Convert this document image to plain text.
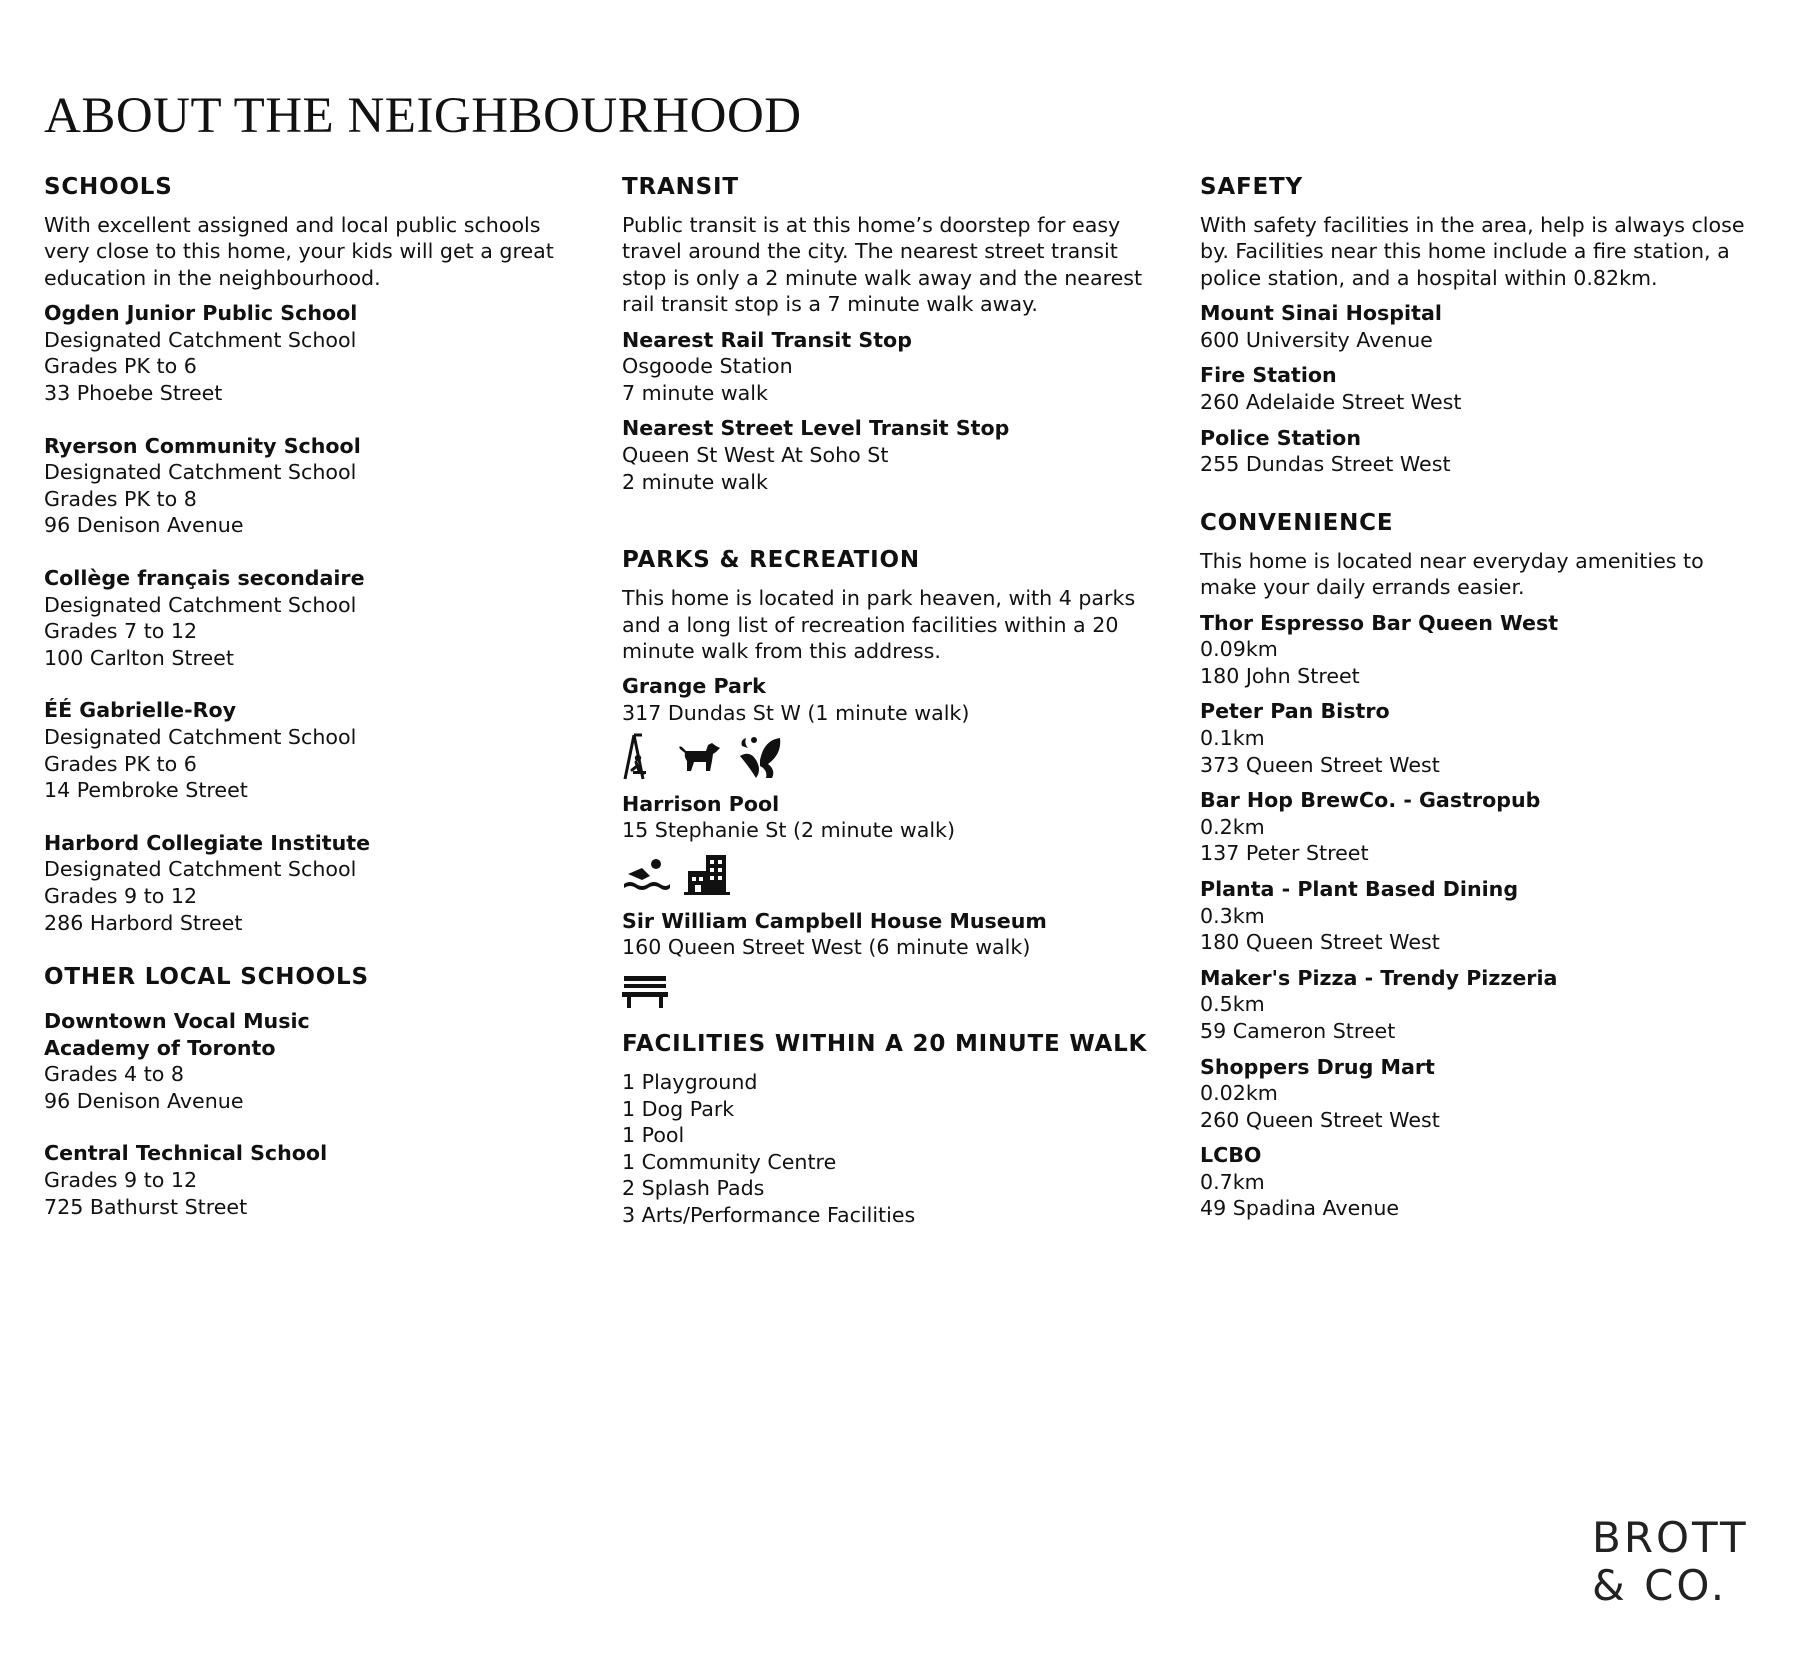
ABOUT THE NEIGHBOURHOOD
SCHOOLS
With excellent assigned and local public schools very close to this home, your kids will get a great education in the neighbourhood.
Ogden Junior Public School
Designated Catchment School
Grades PK to 6
33 Phoebe Street
Ryerson Community School
Designated Catchment School
Grades PK to 8
96 Denison Avenue
Collège français secondaire
Designated Catchment School
Grades 7 to 12
100 Carlton Street
ÉÉ Gabrielle-Roy
Designated Catchment School
Grades PK to 6
14 Pembroke Street
Harbord Collegiate Institute
Designated Catchment School
Grades 9 to 12
286 Harbord Street
OTHER LOCAL SCHOOLS
Downtown Vocal Music
Academy of Toronto
Grades 4 to 8
96 Denison Avenue
Central Technical School
Grades 9 to 12
725 Bathurst Street
TRANSIT
Public transit is at this home’s doorstep for easy travel around the city. The nearest street transit stop is only a 2 minute walk away and the nearest rail transit stop is a 7 minute walk away.
Nearest Rail Transit Stop
Osgoode Station
7 minute walk
Nearest Street Level Transit Stop
Queen St West At Soho St
2 minute walk
PARKS & RECREATION
This home is located in park heaven, with 4 parks and a long list of recreation facilities within a 20 minute walk from this address.
Grange Park
317 Dundas St W (1 minute walk)
Harrison Pool
15 Stephanie St (2 minute walk)
Sir William Campbell House Museum
160 Queen Street West (6 minute walk)
FACILITIES WITHIN A 20 MINUTE WALK
1 Playground
1 Dog Park
1 Pool
1 Community Centre
2 Splash Pads
3 Arts/Performance Facilities
SAFETY
With safety facilities in the area, help is always close by. Facilities near this home include a fire station, a police station, and a hospital within 0.82km.
Mount Sinai Hospital
600 University Avenue
Fire Station
260 Adelaide Street West
Police Station
255 Dundas Street West
CONVENIENCE
This home is located near everyday amenities to make your daily errands easier.
Thor Espresso Bar Queen West
0.09km
180 John Street
Peter Pan Bistro
0.1km
373 Queen Street West
Bar Hop BrewCo. - Gastropub
0.2km
137 Peter Street
Planta - Plant Based Dining
0.3km
180 Queen Street West
Maker's Pizza - Trendy Pizzeria
0.5km
59 Cameron Street
Shoppers Drug Mart
0.02km
260 Queen Street West
LCBO
0.7km
49 Spadina Avenue
BROTT
& CO.
